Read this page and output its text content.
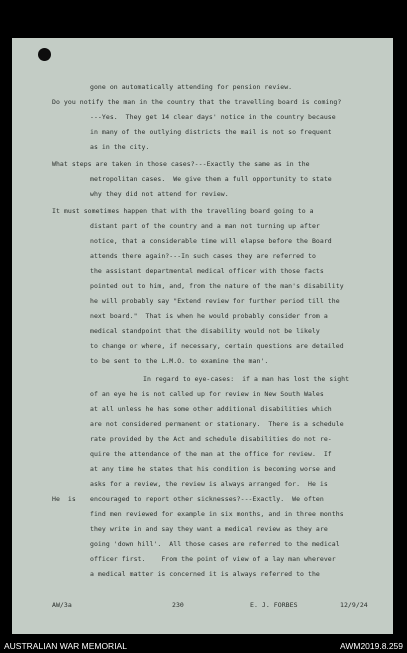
gone on automatically attending for pension review.
Do you notify the man in the country that the travelling board is coming?
---Yes.  They get 14 clear days' notice in the country because
in many of the outlying districts the mail is not so frequent
as in the city.
What steps are taken in those cases?---Exactly the same as in the
metropolitan cases.  We give them a full opportunity to state
why they did not attend for review.
It must sometimes happen that with the travelling board going to a
distant part of the country and a man not turning up after
notice, that a considerable time will elapse before the Board
attends there again?---In such cases they are referred to
the assistant departmental medical officer with those facts
pointed out to him, and, from the nature of the man's disability
he will probably say "Extend review for further period till the
next board."  That is when he would probably consider from a
medical standpoint that the disability would not be likely
to change or where, if necessary, certain questions are detailed
to be sent to the L.M.O. to examine the man'.
In regard to eye-cases:  if a man has lost the sight
of an eye he is not called up for review in New South Wales
at all unless he has some other additional disabilities which
are not considered permanent or stationary.  There is a schedule
rate provided by the Act and schedule disabilities do not re-
quire the attendance of the man at the office for review.  If
at any time he states that his condition is becoming worse and
asks for a review, the review is always arranged for.  He is
He  is encouraged to report other sicknesses?---Exactly.  We often
find men reviewed for example in six months, and in three months
they write in and say they want a medical review as they are
going 'down hill'.  All those cases are referred to the medical
officer first.    From the point of view of a lay man wherever
a medical matter is concerned it is always referred to the
AW/3a	230	E. J. FORBES	12/9/24
AUSTRALIAN WAR MEMORIAL	AWM2019.8.259
